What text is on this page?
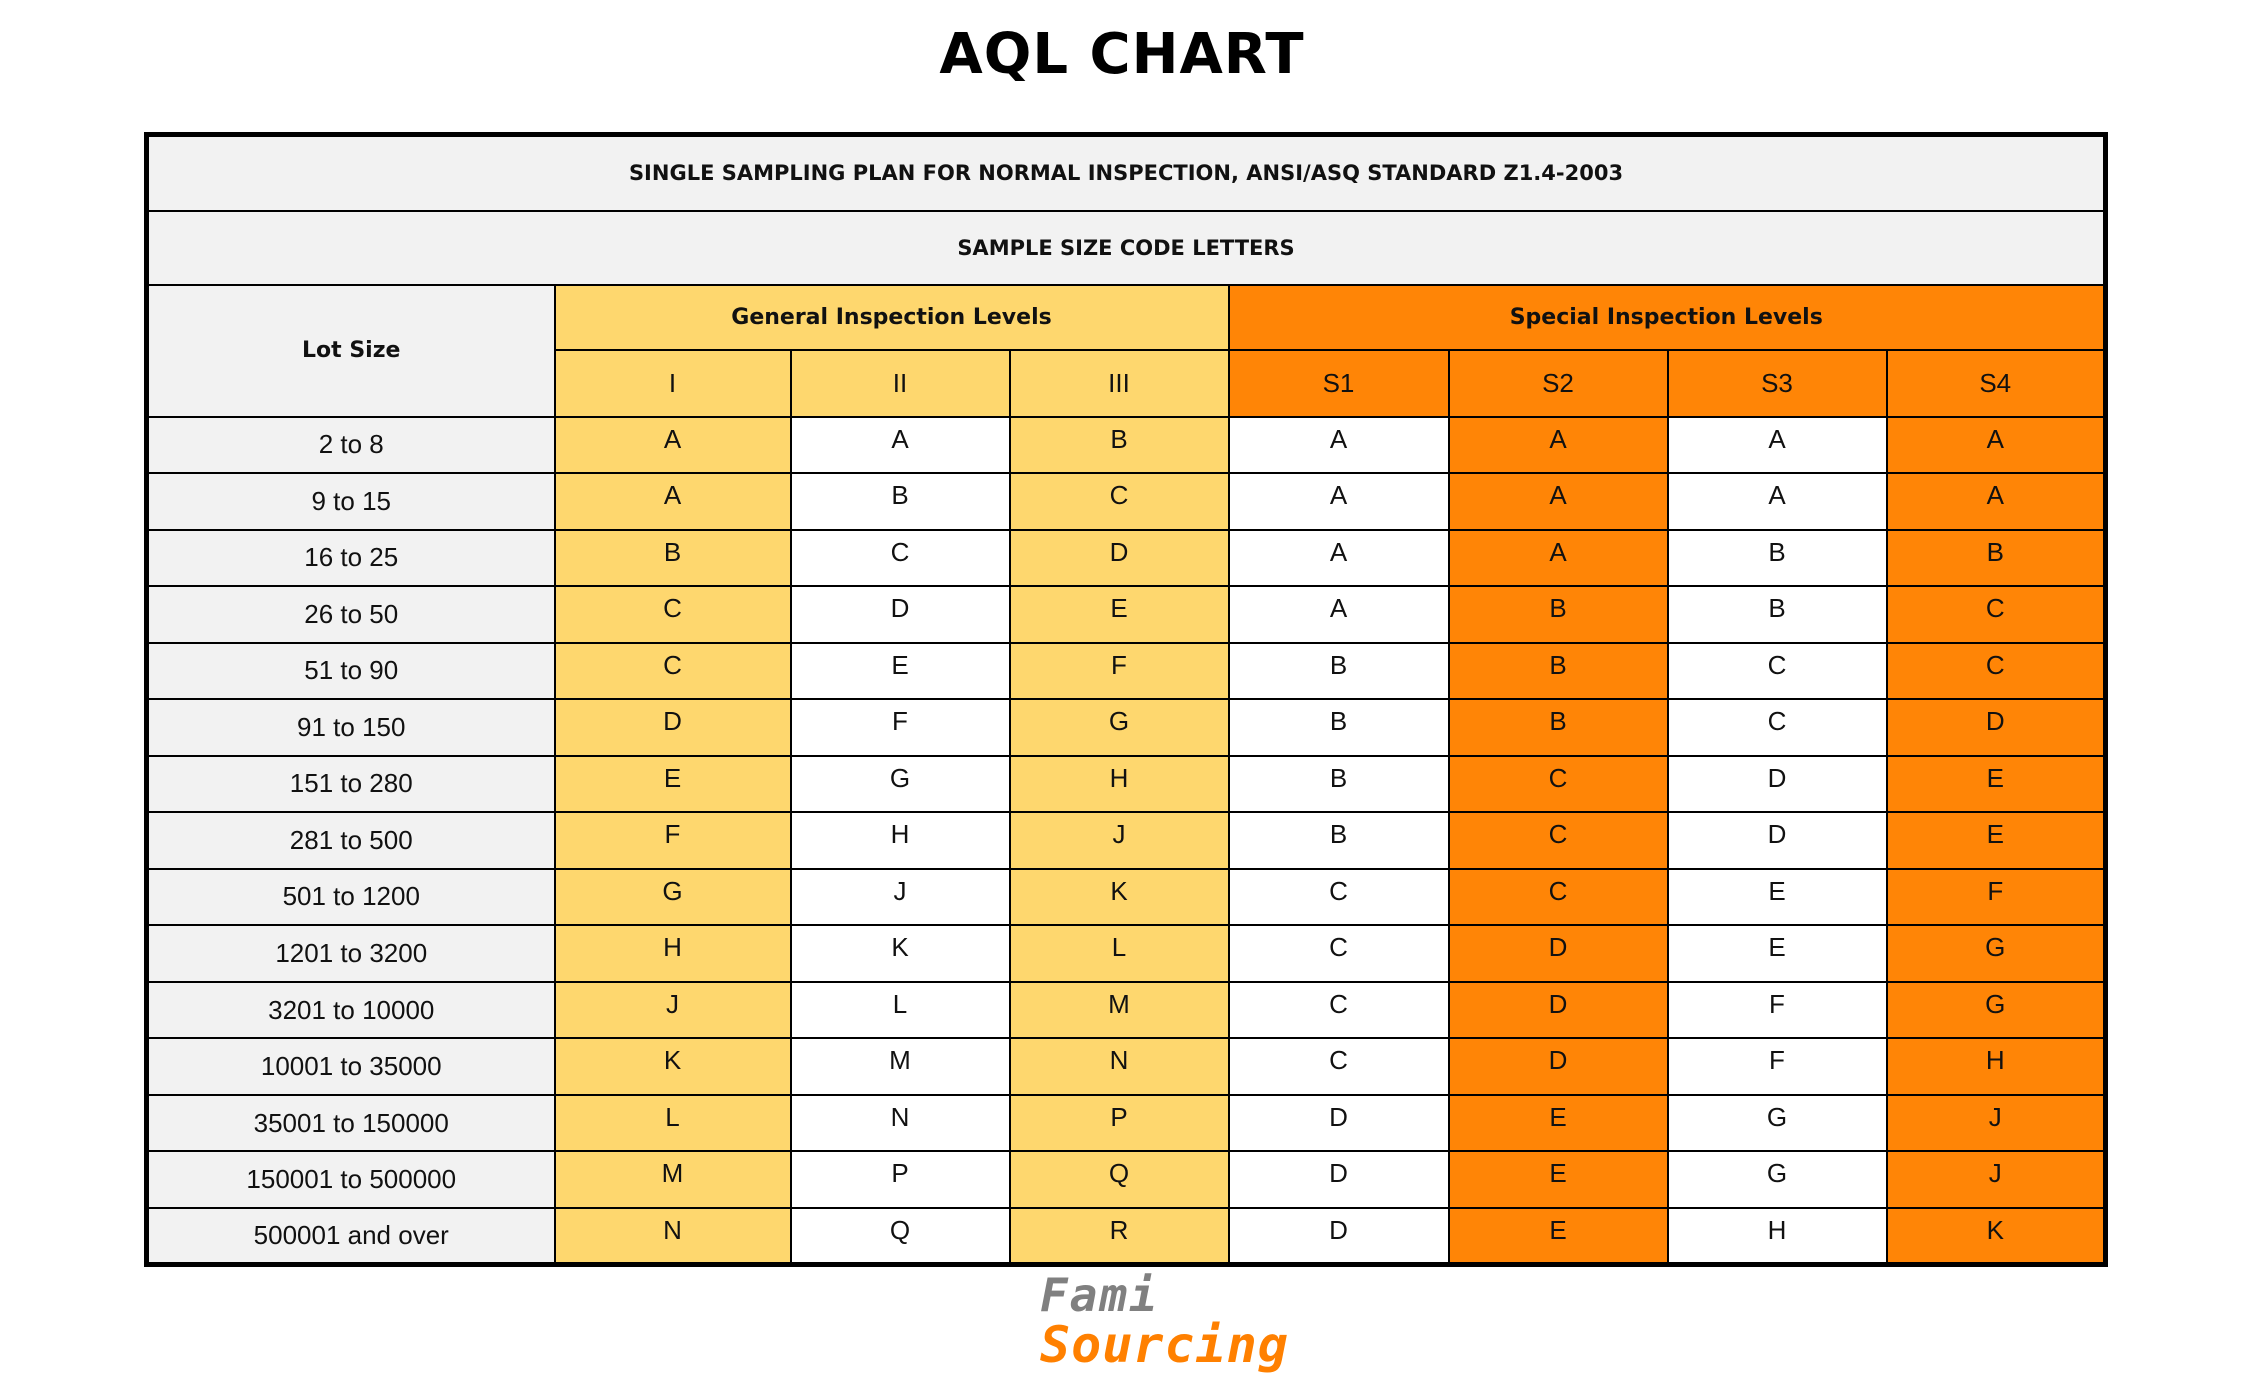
AQL CHART
SINGLE SAMPLING PLAN FOR NORMAL INSPECTION, ANSI/ASQ STANDARD Z1.4-2003							
SAMPLE SIZE CODE LETTERS							
Lot Size	General Inspection Levels			Special Inspection Levels			
	I	II	III	S1	S2	S3	S4
2 to 8	A	A	B	A	A	A	A
9 to 15	A	B	C	A	A	A	A
16 to 25	B	C	D	A	A	B	B
26 to 50	C	D	E	A	B	B	C
51 to 90	C	E	F	B	B	C	C
91 to 150	D	F	G	B	B	C	D
151 to 280	E	G	H	B	C	D	E
281 to 500	F	H	J	B	C	D	E
501 to 1200	G	J	K	C	C	E	F
1201 to 3200	H	K	L	C	D	E	G
3201 to 10000	J	L	M	C	D	F	G
10001 to 35000	K	M	N	C	D	F	H
35001 to 150000	L	N	P	D	E	G	J
150001 to 500000	M	P	Q	D	E	G	J
500001 and over	N	Q	R	D	E	H	K
Fami
Sourcing
